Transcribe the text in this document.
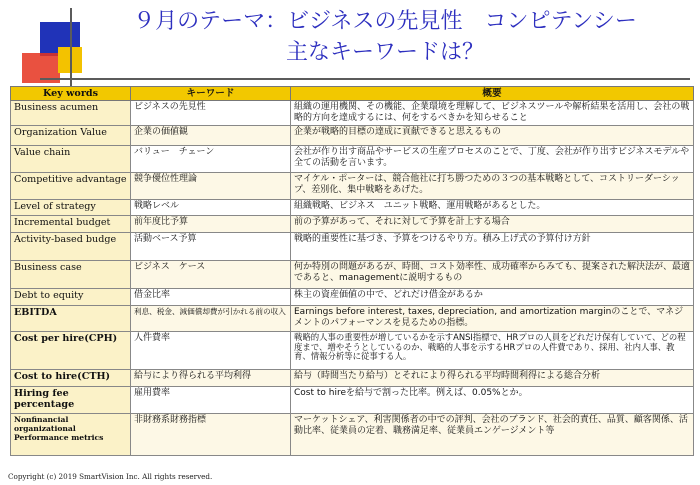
９月のテーマ：ビジネスの先見性　コンピテンシー
主なキーワードは？
Key words	キーワード	概要
Business acumen	ビジネスの先見性	組織の運用機関、その機能、企業環境を理解して、ビジネスツールや解析結果を活用し、会社の戦略的方向を達成するには、何をするべきかを知らせること
Organization Value	企業の価値観	企業が戦略的目標の達成に貢献できると思えるもの
Value chain	バリュー　チェーン	会社が作り出す商品やサービスの生産プロセスのことで、丁度、会社が作り出すビジネスモデルや全ての活動を言います。
Competitive advantage	競争優位性理論	マイケル・ポーターは、競合他社に打ち勝つための３つの基本戦略として、コストリーダーシップ、差別化、集中戦略をあげた。
Level of strategy	戦略レベル	組織戦略、ビジネス　ユニット戦略、運用戦略があるとした。
Incremental budget	前年度比予算	前の予算があって、それに対して予算を計上する場合
Activity-based budge	活動ベース予算	戦略的重要性に基づき、予算をつけるやり方。積み上げ式の予算付け方針
Business case	ビジネス　ケース	何か特別の問題があるが、時間、コスト効率性、成功確率からみても、提案された解決法が、最適であると、managementに説明するもの
Debt to equity	借金比率	株主の資産価値の中で、どれだけ借金があるか
EBITDA	利息、税金、減価償却費が引かれる前の収入	Earnings before interest, taxes, depreciation, and amortization marginのことで、マネジメントのパフォーマンスを見るための指標。
Cost per hire(CPH)	人件費率	戦略的人事の重要性が増しているかを示すANSI指標で、HRプロの人員をどれだけ保有していて、どの程度まで、増やそうとしているのか、戦略的人事を示するHRプロの人件費であり、採用、社内人事、教育、情報分析等に従事する人。
Cost to hire(CTH)	給与により得られる平均利得	給与（時間当たり給与）とそれにより得られる平均時間利得による総合分析
Hiring fee percentage	雇用費率	Cost to hireを給与で割った比率。例えば、0.05%とか。
Nonfinancial organizational Performance metrics	非財務系財務指標	マーケットシェア、利害関係者の中での評判、会社のブランド、社会的責任、品質、顧客関係、活動比率、従業員の定着、職務満足率、従業員エンゲージメント等
Copyright (c) 2019 SmartVision Inc. All rights reserved.
